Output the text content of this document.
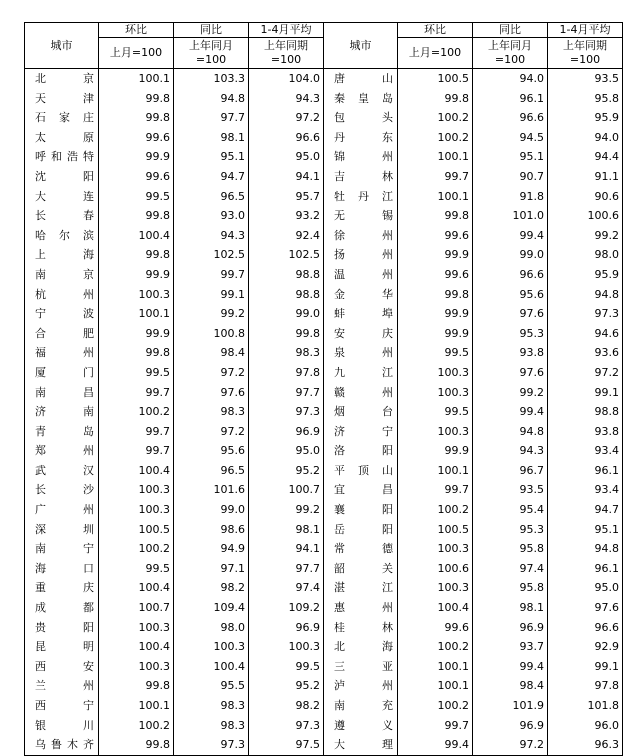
城市	环比	同比	1-4月平均	城市	环比	同比	1-4月平均
	上月=100	上年同月=100	上年同期=100		上月=100	上年同月=100	上年同期=100
北　京	100.1	103.3	104.0	唐　山	100.5	94.0	93.5
天　津	99.8	94.8	94.3	秦皇岛	99.8	96.1	95.8
石家庄	99.8	97.7	97.2	包　头	100.2	96.6	95.9
太　原	99.6	98.1	96.6	丹　东	100.2	94.5	94.0
呼和浩特	99.9	95.1	95.0	锦　州	100.1	95.1	94.4
沈　阳	99.6	94.7	94.1	吉　林	99.7	90.7	91.1
大　连	99.5	96.5	95.7	牡丹江	100.1	91.8	90.6
长　春	99.8	93.0	93.2	无　锡	99.8	101.0	100.6
哈尔滨	100.4	94.3	92.4	徐　州	99.6	99.4	99.2
上　海	99.8	102.5	102.5	扬　州	99.9	99.0	98.0
南　京	99.9	99.7	98.8	温　州	99.6	96.6	95.9
杭　州	100.3	99.1	98.8	金　华	99.8	95.6	94.8
宁　波	100.1	99.2	99.0	蚌　埠	99.9	97.6	97.3
合　肥	99.9	100.8	99.8	安　庆	99.9	95.3	94.6
福　州	99.8	98.4	98.3	泉　州	99.5	93.8	93.6
厦　门	99.5	97.2	97.8	九　江	100.3	97.6	97.2
南　昌	99.7	97.6	97.7	赣　州	100.3	99.2	99.1
济　南	100.2	98.3	97.3	烟　台	99.5	99.4	98.8
青　岛	99.7	97.2	96.9	济　宁	100.3	94.8	93.8
郑　州	99.7	95.6	95.0	洛　阳	99.9	94.3	93.4
武　汉	100.4	96.5	95.2	平顶山	100.1	96.7	96.1
长　沙	100.3	101.6	100.7	宜　昌	99.7	93.5	93.4
广　州	100.3	99.0	99.2	襄　阳	100.2	95.4	94.7
深　圳	100.5	98.6	98.1	岳　阳	100.5	95.3	95.1
南　宁	100.2	94.9	94.1	常　德	100.3	95.8	94.8
海　口	99.5	97.1	97.7	韶　关	100.6	97.4	96.1
重　庆	100.4	98.2	97.4	湛　江	100.3	95.8	95.0
成　都	100.7	109.4	109.2	惠　州	100.4	98.1	97.6
贵　阳	100.3	98.0	96.9	桂　林	99.6	96.9	96.6
昆　明	100.4	100.3	100.3	北　海	100.2	93.7	92.9
西　安	100.3	100.4	99.5	三　亚	100.1	99.4	99.1
兰　州	99.8	95.5	95.2	泸　州	100.1	98.4	97.8
西　宁	100.1	98.3	98.2	南　充	100.2	101.9	101.8
银　川	100.2	98.3	97.3	遵　义	99.7	96.9	96.0
乌鲁木齐	99.8	97.3	97.5	大　理	99.4	97.2	96.3
